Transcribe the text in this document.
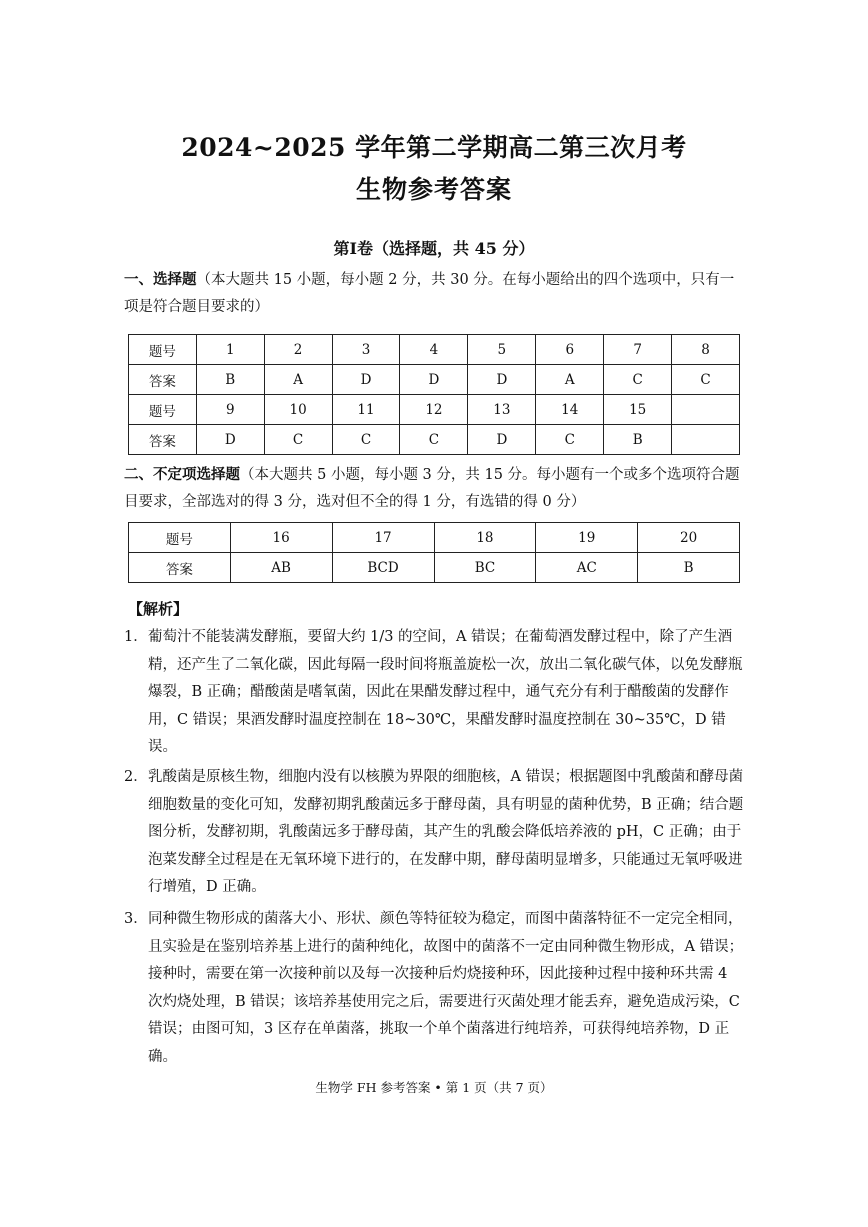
2024~2025 学年第二学期高二第三次月考
生物参考答案
第Ⅰ卷（选择题，共 45 分）
一、选择题（本大题共 15 小题，每小题 2 分，共 30 分。在每小题给出的四个选项中，只有一项是符合题目要求的）
题号	1	2	3	4	5	6	7	8
答案	B	A	D	D	D	A	C	C
题号	9	10	11	12	13	14	15	
答案	D	C	C	C	D	C	B	
二、不定项选择题（本大题共 5 小题，每小题 3 分，共 15 分。每小题有一个或多个选项符合题目要求，全部选对的得 3 分，选对但不全的得 1 分，有选错的得 0 分）
题号	16	17	18	19	20
答案	AB	BCD	BC	AC	B
【解析】
1． 葡萄汁不能装满发酵瓶，要留大约 1/3 的空间，A 错误；在葡萄酒发酵过程中，除了产生酒精，还产生了二氧化碳，因此每隔一段时间将瓶盖旋松一次，放出二氧化碳气体，以免发酵瓶爆裂，B 正确；醋酸菌是嗜氧菌，因此在果醋发酵过程中，通气充分有利于醋酸菌的发酵作用，C 错误；果酒发酵时温度控制在 18~30℃，果醋发酵时温度控制在 30~35℃，D 错误。
2． 乳酸菌是原核生物，细胞内没有以核膜为界限的细胞核，A 错误；根据题图中乳酸菌和酵母菌细胞数量的变化可知，发酵初期乳酸菌远多于酵母菌，具有明显的菌种优势，B 正确；结合题图分析，发酵初期，乳酸菌远多于酵母菌，其产生的乳酸会降低培养液的 pH，C 正确；由于泡菜发酵全过程是在无氧环境下进行的，在发酵中期，酵母菌明显增多，只能通过无氧呼吸进行增殖，D 正确。
3． 同种微生物形成的菌落大小、形状、颜色等特征较为稳定，而图中菌落特征不一定完全相同，且实验是在鉴别培养基上进行的菌种纯化，故图中的菌落不一定由同种微生物形成，A 错误；接种时，需要在第一次接种前以及每一次接种后灼烧接种环，因此接种过程中接种环共需 4 次灼烧处理，B 错误；该培养基使用完之后，需要进行灭菌处理才能丢弃，避免造成污染，C 错误；由图可知，3 区存在单菌落，挑取一个单个菌落进行纯培养，可获得纯培养物，D 正确。
生物学 FH 参考答案 • 第 1 页（共 7 页）
